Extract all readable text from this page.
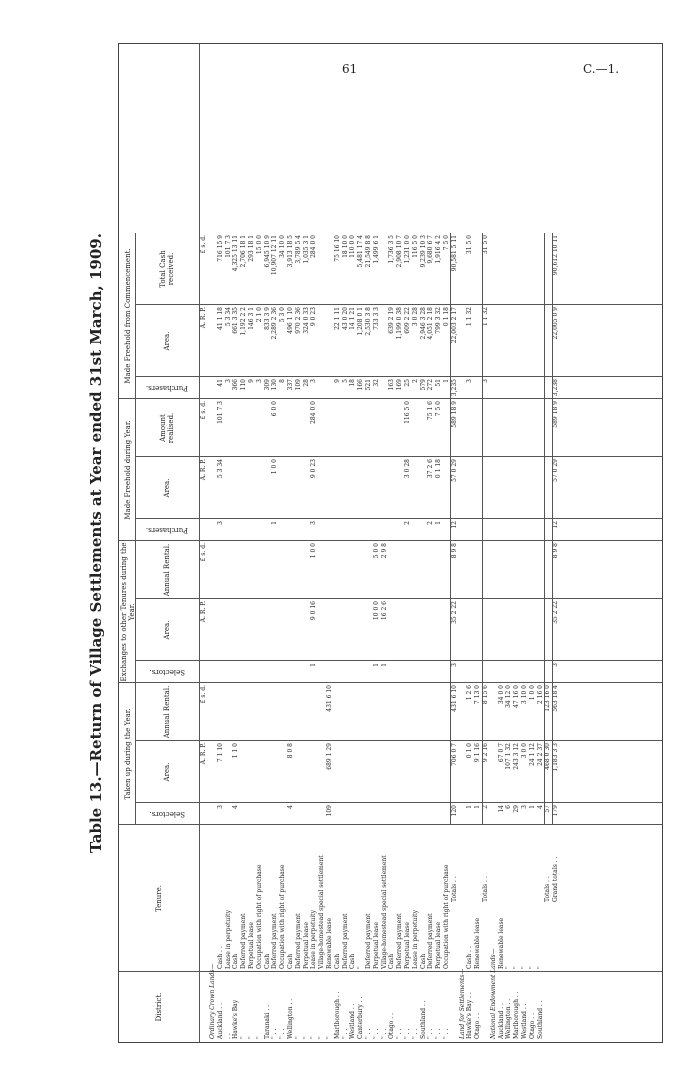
61	C.—1.
Table 13.—Return of Village Settlements at Year ended 31st March, 1909.	Taken up during the Year.
Exchanges to other Tenures during the Year.
Made Freehold during Year.
Made Freehold from Commencement.
District.
Tenure.
Selectors.
Area.
Annual Rental.
Selectors.
Area.
Annual Rental.
Purchasers.
Area.
Amount realised.
Purchasers.
Area.
Total Cash received.
A. R. P.
£ s. d.
A. R. P.
£ s. d.
A. R. P.
£ s. d.
A. R. P.
£ s. d.
Ordinary Crown Lands— Auckland . .
Cash . .
3
7 1 10
3
5 3 34
101 7 3
41
41 1 18
716 15 9
. .
Lease in perpetuity
3
5 3 34
101 7 3
Hawke's Bay
Cash
4
1 1 0
366
661 3 35
4,325 13 11
"
Deferred payment
110
1,192 2 2
2,706 18 1
"
Perpetual lease
9
146 3 1
293 18 1
"
Occupation with right of purchase
3
2 1 0
15 0 0
Taranaki . .
Cash
309
833 3 9
6,945 10 9
" . .
Deferred payment
1
1 0 0
6 0 0
130
2,289 2 36
10,907 12 11
" . .
Occupation with right of purchase
8
5 3 0
34 10 0
Wellington . .
Cash
4
8 0 8
337
496 1 10
3,913 18 5
"
Deferred payment
109
970 2 36
3,789 5 4
"
Perpetual lease
28
324 0 33
1,035 3 1
"
Lease in perpetuity
1
9 0 16
1 0 0
3
9 0 23
284 0 0
3
9 0 23
284 0 0
"
Village-homestead special settlement
"
Renewable lease
109
689 1 29
431 6 10
Marlborough . .
Cash
9
22 1 11
75 16 10
" . .
Deferred payment
5
43 0 20
18 10 0
Westland . .
Cash
18
14 1 21
110 0 0
Canterbury . .
"
166
1,208 0 1
5,481 17 4
" . .
Deferred payment
521
2,530 3 8
21,549 8 8
" . .
Perpetual lease
1
10 0 0
5 0 0
32
733 3 3
1,499 6 1
" . .
Village-homestead special settlement
1
16 2 6
2 9 8
Otago . .
Cash
163
639 2 19
1,736 3 5
" . .
Deferred payment
169
1,199 0 38
2,908 10 7
" . .
Perpetual lease
2
3 0 28
116 5 0
25
609 2 22
1,231 0 0
" . .
Lease in perpetuity
2
3 0 28
116 5 0
Southland . .
Cash
579
2,946 3 28
9,239 10 3
" . .
Deferred payment
2
37 2 6
75 1 6
272
4,051 2 18
9,680 6 7
" . .
Perpetual lease
1
0 1 18
7 5 0
51
799 3 32
1,916 4 2
" . .
Occupation with right of purchase
1
0 1 18
7 5 0
Totals . .
120
706 0 7
431 6 10
3
35 2 22
8 9 8
12
57 0 29
589 18 9
3,235
22,003 2 17
90,581 5 11
Land for Settlements— Hawke's Bay . .
Cash . .
1
0 1 0
1 2 6
3
1 1 32
31 5 0
Otago . .
Renewable lease
1
9 1 16
7 13 0
Totals . .
2
9 2 16
8 15 6
3
1 1 32
31 5 0
National Endowment Lands— Auckland . .
Renewable lease
14
67 0 7
34 0 0
Wellington . .
"
6
107 1 32
34 12 0
Marlborough . .
"
29
243 3 12
47 16 0
Westland . .
"
3
3 0 0
3 10 0
Otago . .
"
1
24 1 12
1 0 0
Southland . .
"
4
24 2 37
2 16 0
Totals . .
57
468 0 30
123 16 0
Grand totals . .
179
1,183 3 3
563 18 4
3
35 2 22
8 9 8
12
57 0 29
589 18 9
3,238
22,005 0 9
90,612 10 11
